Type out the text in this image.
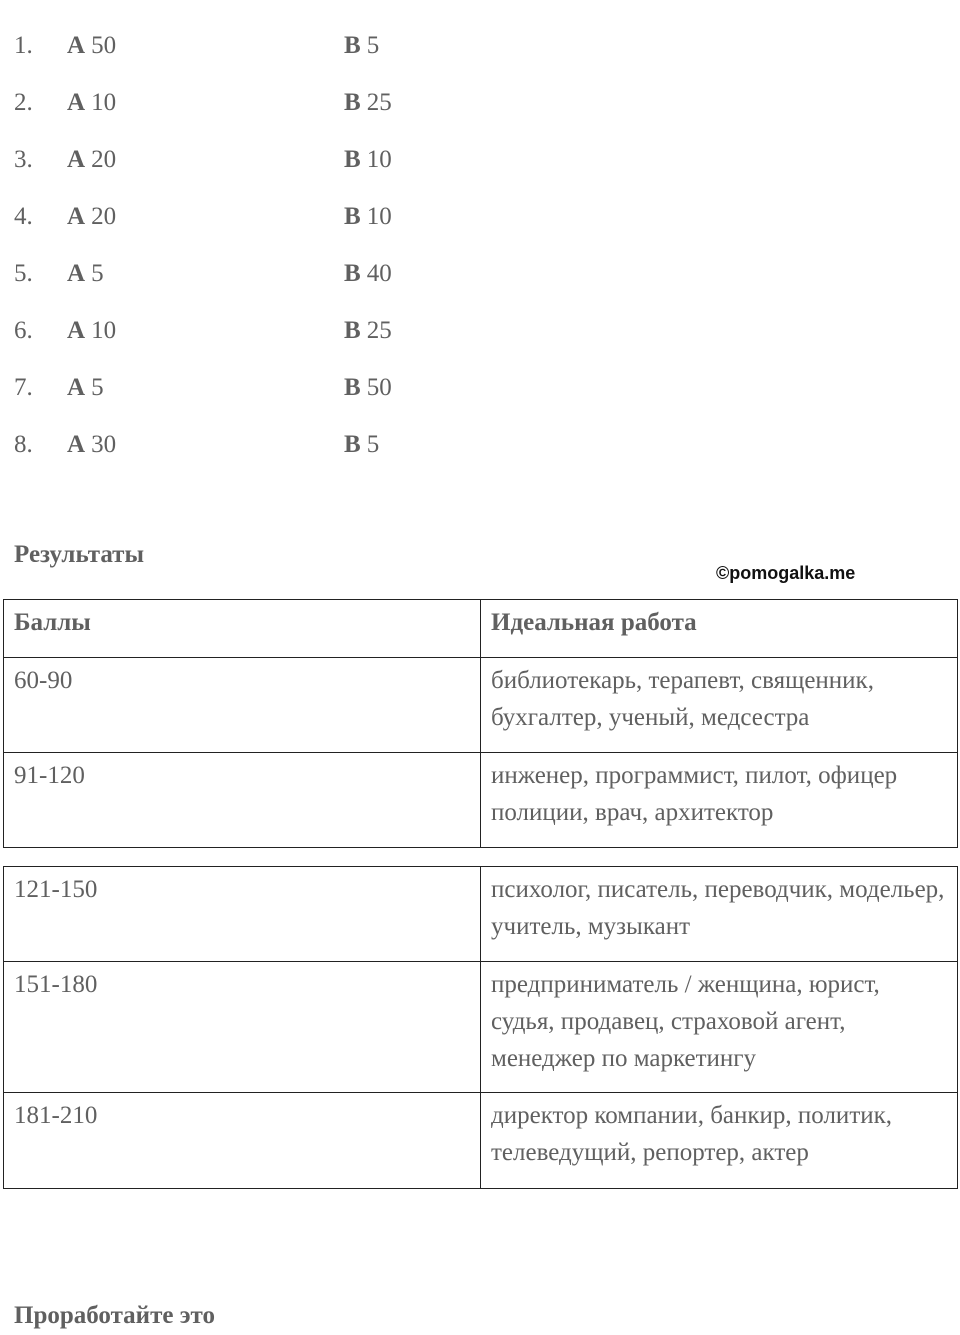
1. A 50	B 5
2. A 10	B 25
3. A 20	B 10
4. A 20	B 10
5. A 5	B 40
6. A 10	B 25
7. A 5	B 50
8. A 30	B 5
Результаты
©pomogalka.me
Баллы	Идеальная работа
60-90	библиотекарь, терапевт, священник, бухгалтер, ученый, медсестра
91-120	инженер, программист, пилот, офицер полиции, врач, архитектор
121-150	психолог, писатель, переводчик, модельер, учитель, музыкант
151-180	предприниматель / женщина, юрист, судья, продавец, страховой агент, менеджер по маркетингу
181-210	директор компании, банкир, политик, телеведущий, репортер, актер
Проработайте это
